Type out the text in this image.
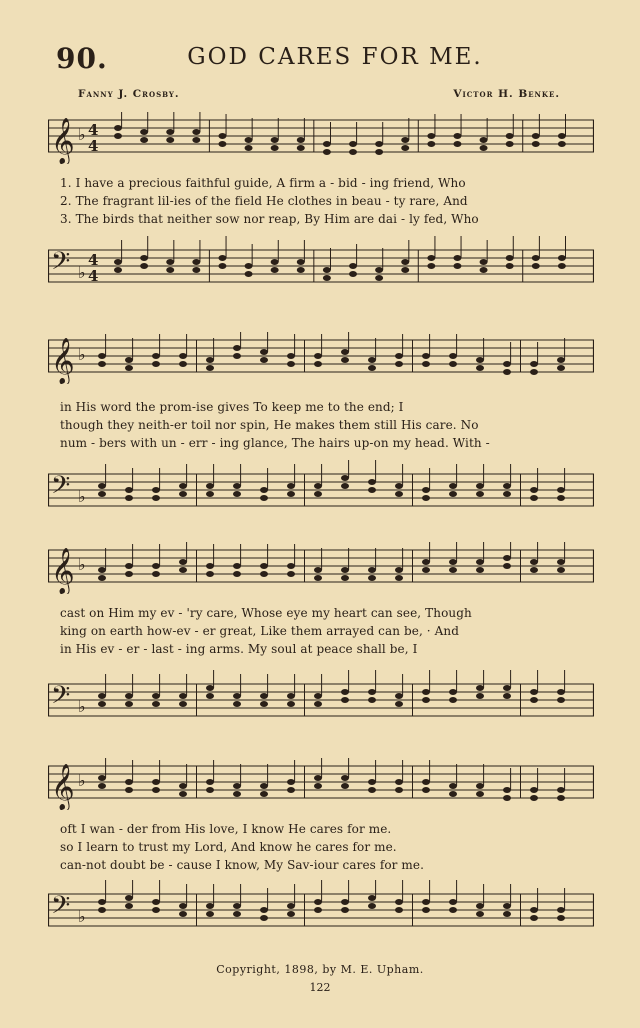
90.	GOD CARES FOR ME.
Fanny J. Crosby.	Victor H. Benke.
𝄞 ♭ 4
4
1. I have a precious faithful guide, A firm a - bid - ing friend, Who
2. The fragrant lil-ies of the field He clothes in beau - ty rare, And
3. The birds that neither sow nor reap, By Him are dai - ly fed, Who
𝄢 ♭
4
4
𝄞 ♭
in His word the prom-ise gives To keep me to the end; I
though they neith-er toil nor spin, He makes them still His care. No
num - bers with un - err - ing glance, The hairs up-on my head. With -
𝄢 ♭
𝄞 ♭
cast on Him my ev - 'ry care, Whose eye my heart can see, Though
king on earth how-ev - er great, Like them arrayed can be, · And
in His ev - er - last - ing arms. My soul at peace shall be, I
𝄢 ♭
𝄞 ♭
oft I wan - der from His love, I know He cares for me.
so I learn to trust my Lord, And know he cares for me.
can-not doubt be - cause I know, My Sav-iour cares for me.
𝄢 ♭
Copyright, 1898, by M. E. Upham.
122
